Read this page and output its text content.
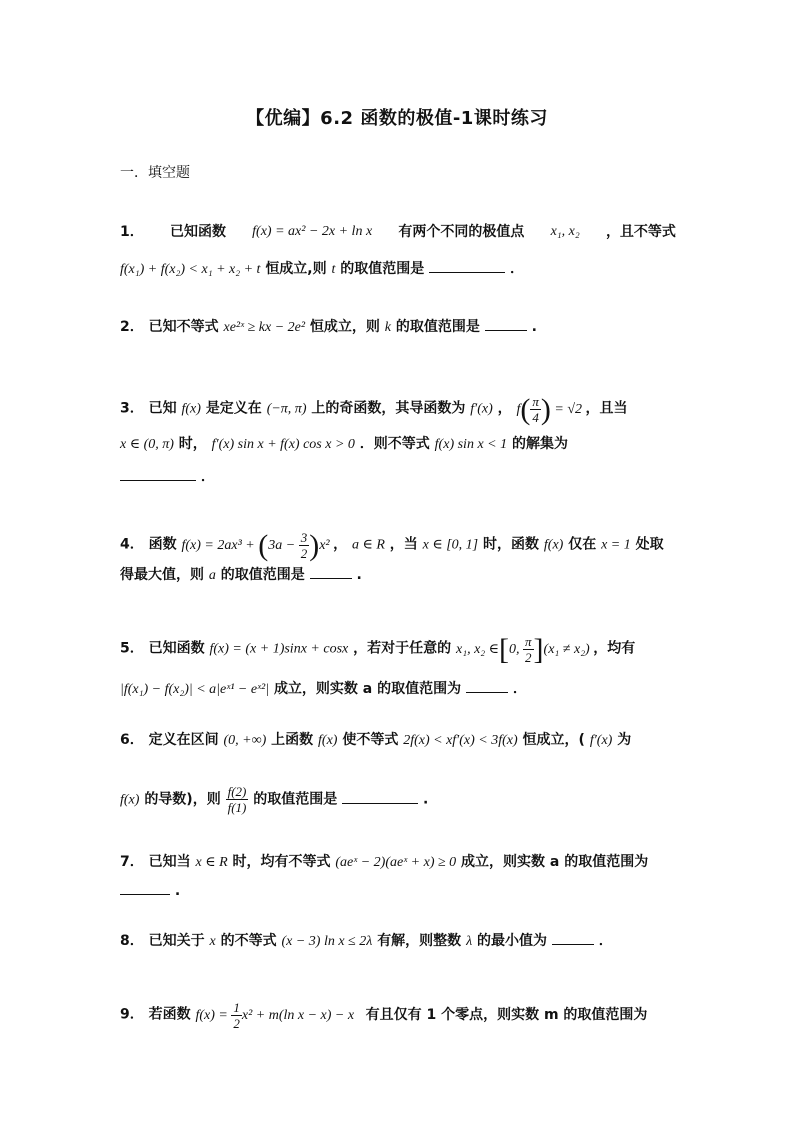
【优编】6.2 函数的极值-1课时练习
一．填空题
1． 已知函数 f(x) = ax² − 2x + ln x 有两个不同的极值点 x₁, x₂ ，且不等式
f(x₁) + f(x₂) < x₁ + x₂ + t 恒成立,则 t 的取值范围是	．
2． 已知不等式 xe²ˣ ≥ kx − 2e² 恒成立，则 k 的取值范围是	.
3． 已知 f(x) 是定义在 (−π, π) 上的奇函数，其导函数为 f′(x) ， $f( \frac{\pi}{4}$ ) = √2 ，且当
x ∈ (0, π) 时， f′(x) sin x + f(x) cos x > 0 ．则不等式 f(x) sin x < 1 的解集为
．
4． 函数 $f(x) = 2ax^3 + (3a - \frac{3}{2} )x^2$ ， a ∈ R ，当 x ∈ [0, 1] 时，函数 f(x) 仅在 x = 1 处取
得最大值，则 a 的取值范围是	.
5． 已知函数 f(x) = (x + 1)sinx + cosx ，若对于任意的 x₁, x₂ ∈[0, $\frac{\pi}{2} ](x_1 \ne x_2)$ ，均有
|f(x₁) − f(x₂)| < a|eˣ¹ − eˣ²| 成立，则实数 a 的取值范围为	．
6． 定义在区间 (0, +∞) 上函数 f(x) 使不等式 2f(x) < xf′(x) < 3f(x) 恒成立，( f′(x) 为
f(x) 的导数)，则 $\frac{f(2)}{f(1)}$ 的取值范围是	.
7． 已知当 x ∈ R 时，均有不等式 (aeˣ − 2)(aeˣ + x) ≥ 0 成立，则实数 a 的取值范围为
.
8． 已知关于 x 的不等式 (x − 3) ln x ≤ 2λ 有解，则整数 λ 的最小值为	．
9． 若函数 $f(x) = \frac{1}{2} x^2 + m(\ln$ x − x) − x 有且仅有 1 个零点，则实数 m 的取值范围为
